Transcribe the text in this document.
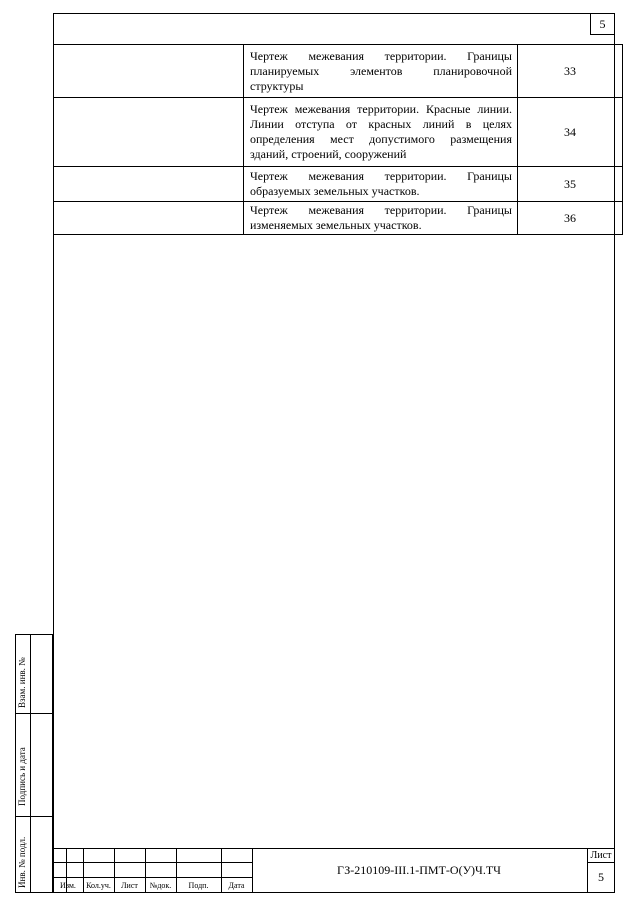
5
	Чертеж межевания территории. Границы планируемых элементов планировочной структуры	33
	Чертеж межевания территории. Красные линии. Линии отступа от красных линий в целях определения мест допустимого размещения зданий, строений, сооружений	34
	Чертеж межевания территории. Границы образуемых земельных участков.	35
	Чертеж межевания территории. Границы изменяемых земельных участков.	36
Взам. инв. №
Подпись и дата
Инв. № подл.	Изм.	Кол.уч.	Лист	№док.	Подп.	Дата
ГЗ-210109-III.1-ПМТ-О(У)Ч.ТЧ
Лист
5
